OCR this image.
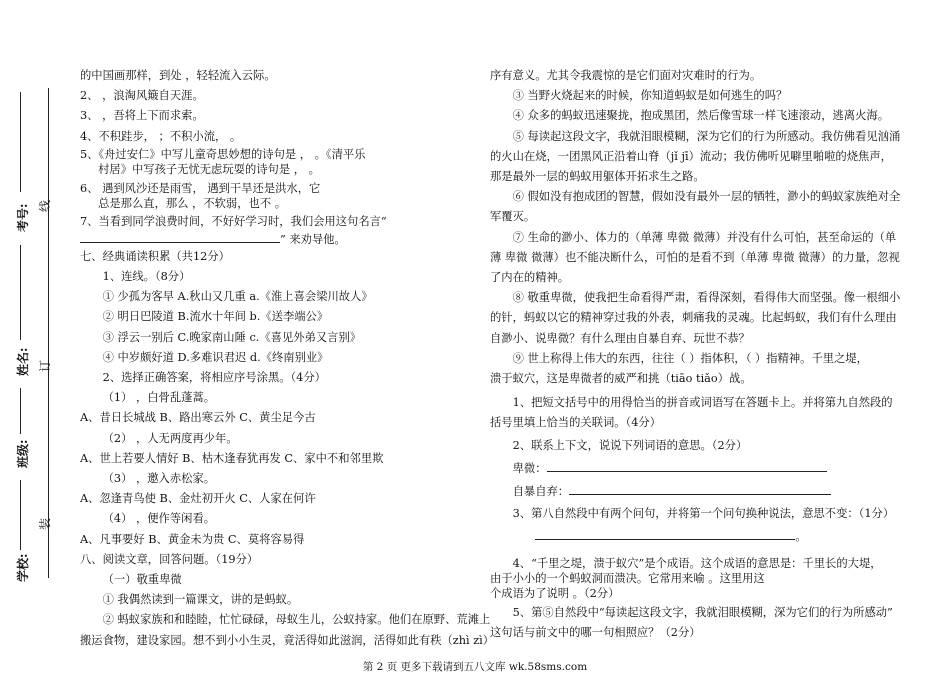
考号: 线
姓名: 订
班级:
装
学校:
的中国画那样，到处 ，轻轻流入云际。
2、 ，浪淘风簸自天涯。
3、 ，吾将上下而求索。
4、不积跬步， ；不积小流， 。
5、《舟过安仁》中写儿童奇思妙想的诗句是 ， 。《清平乐
村居》中写孩子无忧无虑玩耍的诗句是 ， 。
6、 遇到风沙还是雨雪， 遇到干旱还是洪水，它
总是那么直，那么 ，不软弱，也不 。
7、当看到同学浪费时间，不好好学习时，我们会用这句名言“
” 来劝导他。
七、经典诵读积累（共12分）
1、连线。（8分）
① 少孤为客早 A.秋山又几重 a.《淮上喜会梁川故人》
② 明日巴陵道 B.流水十年间 b.《送李端公》
③ 浮云一别后 C.晚家南山陲 c.《喜见外弟又言别》
④ 中岁颇好道 D.多难识君迟 d.《终南别业》
2、选择正确答案，将相应序号涂黑。（4分）
（1） ，白骨乱蓬蒿。
A、昔日长城战 B、路出寒云外 C、黄尘足今古
（2） ，人无两度再少年。
A、世上若要人情好 B、枯木逢春犹再发 C、家中不和邻里欺
（3） ，邀入赤松家。
A、忽逢青鸟使 B、金灶初开火 C、人家在何许
（4） ，便作等闲看。
A、凡事要好 B、黄金未为贵 C、莫将容易得
八、阅读文章，回答问题。（19分）
（一）敬重卑微
① 我偶然读到一篇课文，讲的是蚂蚁。
② 蚂蚁家族和和睦睦，忙忙碌碌，母蚁生儿，公蚁持家。他们在原野、荒滩上
搬运食物，建设家园。想不到小小生灵，竟活得如此滋润，活得如此有秩（zhì zì）
序有意义。尤其令我震惊的是它们面对灾难时的行为。
③ 当野火烧起来的时候，你知道蚂蚁是如何逃生的吗？
④ 众多的蚂蚁迅速聚拢，抱成黑团，然后像雪球一样飞速滚动，逃离火海。
⑤ 每读起这段文字，我就泪眼模糊，深为它们的行为所感动。我仿佛看见汹涌
的火山在烧，一团黑风正沿着山脊（jǐ jī）流动；我仿佛听见噼里啪啦的烧焦声，
那是最外一层的蚂蚁用躯体开拓求生之路。
⑥ 假如没有抱成团的智慧，假如没有最外一层的牺牲，渺小的蚂蚁家族绝对全
军覆灭。
⑦ 生命的渺小、体力的（单薄 卑微 微薄）并没有什么可怕，甚至命运的（单
薄 卑微 微薄）也不能决断什么，可怕的是看不到（单薄 卑微 微薄）的力量，忽视
了内在的精神。
⑧ 敬重卑微，使我把生命看得严肃，看得深刻，看得伟大而坚强。像一根细小
的针，蚂蚁以它的精神穿过我的外表，刺痛我的灵魂。比起蚂蚁，我们有什么理由
自渺小、说卑微？有什么理由自暴自弃、玩世不恭？
⑨ 世上称得上伟大的东西，往往（ ）指体积，（ ）指精神。千里之堤，
溃于蚁穴，这是卑微者的威严和挑（tiāo tiǎo）战。
1、把短文括号中的用得恰当的拼音或词语写在答题卡上。并将第九自然段的
括号里填上恰当的关联词。（4分）
2、联系上下文，说说下列词语的意思。（2分）
卑微：
自暴自弃：
3、第八自然段中有两个问句，并将第一个问句换种说法，意思不变：（1分）
。
4、“千里之堤，溃于蚁穴”是个成语。这个成语的意思是：千里长的大堤，
由于小小的一个蚂蚁洞而溃决。它常用来喻 。这里用这
个成语为了说明 。（2分）
5、第⑤自然段中“每读起这段文字，我就泪眼模糊，深为它们的行为所感动”
这句话与前文中的哪一句相照应？（2分）
第 2 页 更多下载请到五八文库 wk.58sms.com
